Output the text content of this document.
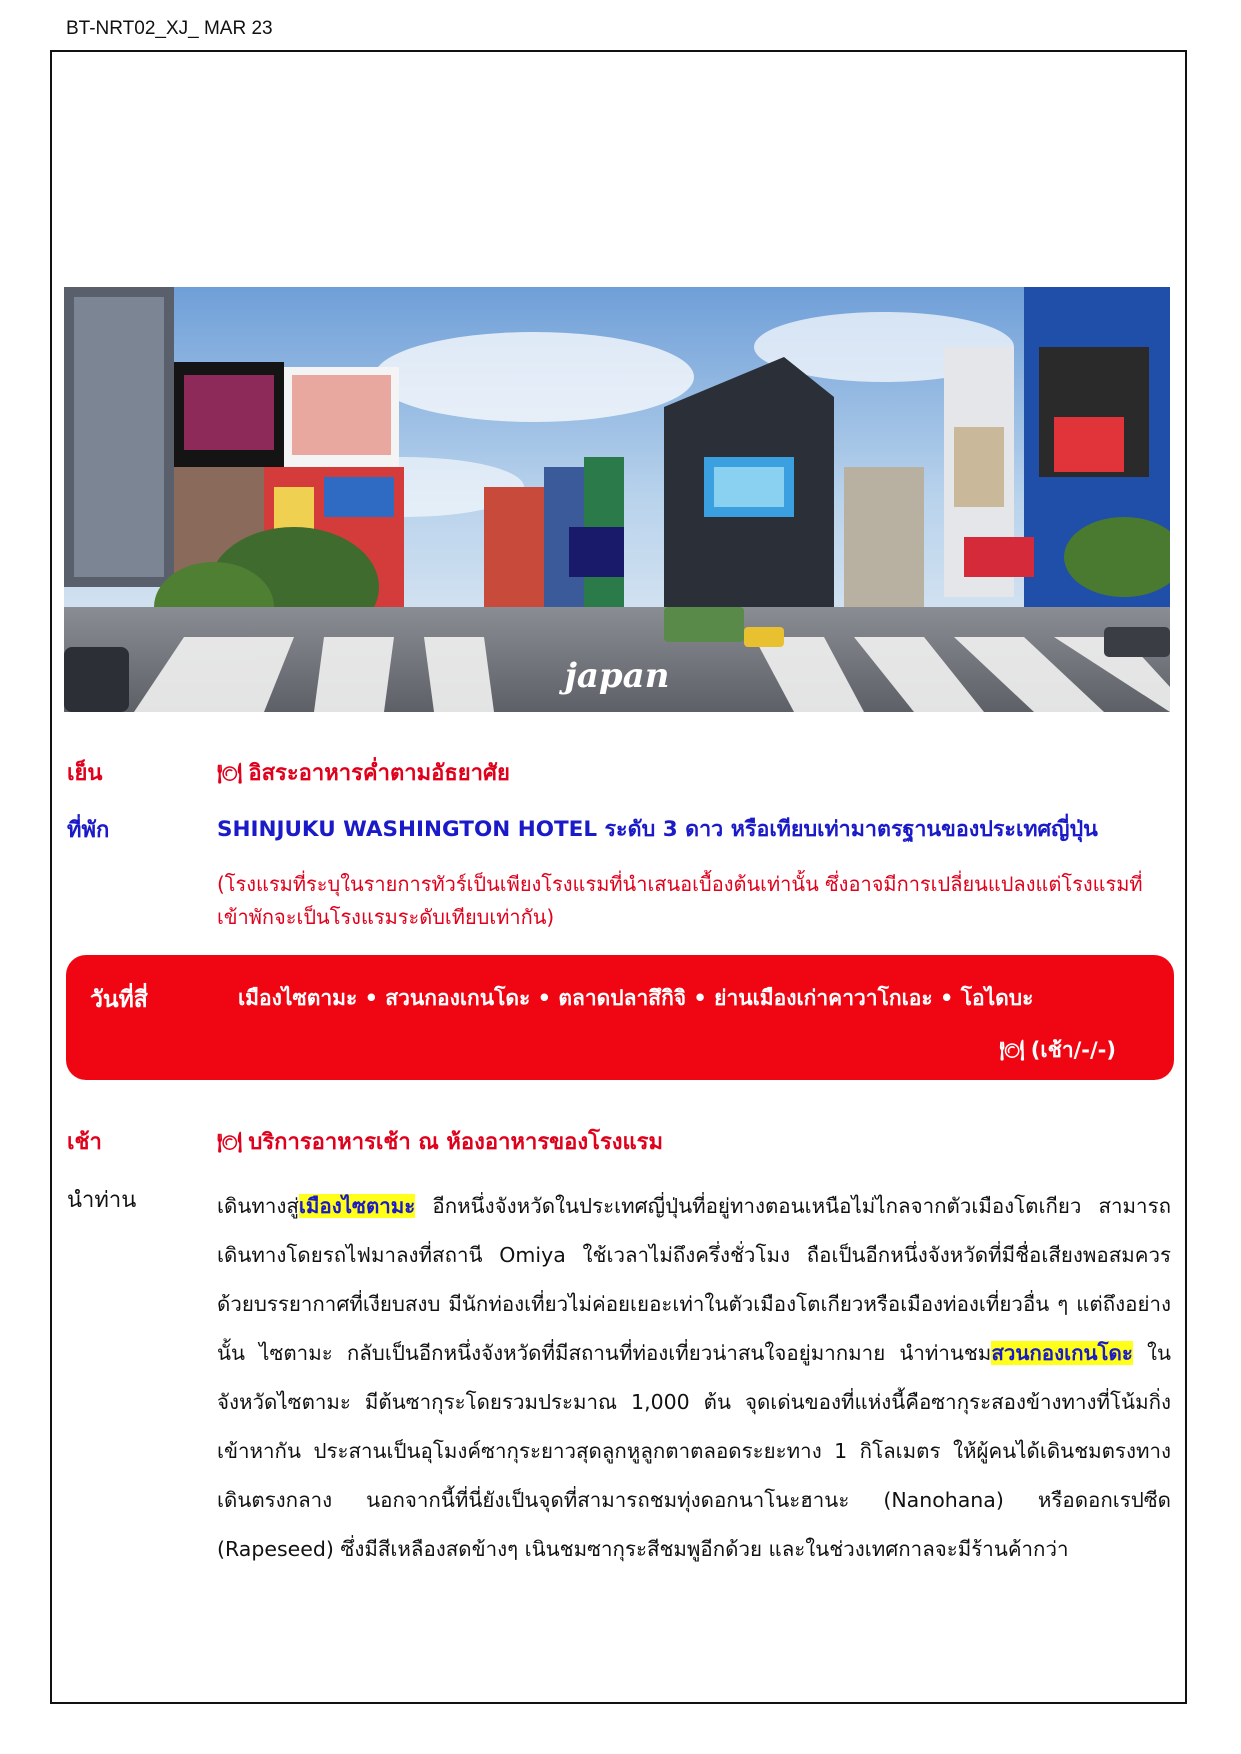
BT-NRT02_XJ_ MAR 23
japan
เย็น	🍽 อิสระอาหารค่ำตามอัธยาศัย
ที่พัก	SHINJUKU WASHINGTON HOTEL ระดับ 3 ดาว หรือเทียบเท่ามาตรฐานของประเทศญี่ปุ่น
(โรงแรมที่ระบุในรายการทัวร์เป็นเพียงโรงแรมที่นำเสนอเบื้องต้นเท่านั้น ซึ่งอาจมีการเปลี่ยนแปลงแต่โรงแรมที่เข้าพักจะเป็นโรงแรมระดับเทียบเท่ากัน)
วันที่สี่	เมืองไซตามะ • สวนกองเกนโดะ • ตลาดปลาสึกิจิ • ย่านเมืองเก่าคาวาโกเอะ • โอไดบะ
🍽 (เช้า/-/-)
เช้า	🍽 บริการอาหารเช้า ณ ห้องอาหารของโรงแรม
นำท่าน	เดินทางสู่เมืองไซตามะ อีกหนึ่งจังหวัดในประเทศญี่ปุ่นที่อยู่ทางตอนเหนือไม่ไกลจากตัวเมืองโตเกียว สามารถเดินทางโดยรถไฟมาลงที่สถานี Omiya ใช้เวลาไม่ถึงครึ่งชั่วโมง ถือเป็นอีกหนึ่งจังหวัดที่มีชื่อเสียงพอสมควร ด้วยบรรยากาศที่เงียบสงบ มีนักท่องเที่ยวไม่ค่อยเยอะเท่าในตัวเมืองโตเกียวหรือเมืองท่องเที่ยวอื่น ๆ แต่ถึงอย่างนั้น ไซตามะ กลับเป็นอีกหนึ่งจังหวัดที่มีสถานที่ท่องเที่ยวน่าสนใจอยู่มากมาย นำท่านชมสวนกองเกนโดะ ในจังหวัดไซตามะ มีต้นซากุระโดยรวมประมาณ 1,000 ต้น จุดเด่นของที่แห่งนี้คือซากุระสองข้างทางที่โน้มกิ่งเข้าหากัน ประสานเป็นอุโมงค์ซากุระยาวสุดลูกหูลูกตาตลอดระยะทาง 1 กิโลเมตร ให้ผู้คนได้เดินชมตรงทางเดินตรงกลาง นอกจากนี้ที่นี่ยังเป็นจุดที่สามารถชมทุ่งดอกนาโนะฮานะ (Nanohana) หรือดอกเรปซีด (Rapeseed) ซึ่งมีสีเหลืองสดข้างๆ เนินชมซากุระสีชมพูอีกด้วย และในช่วงเทศกาลจะมีร้านค้ากว่า
